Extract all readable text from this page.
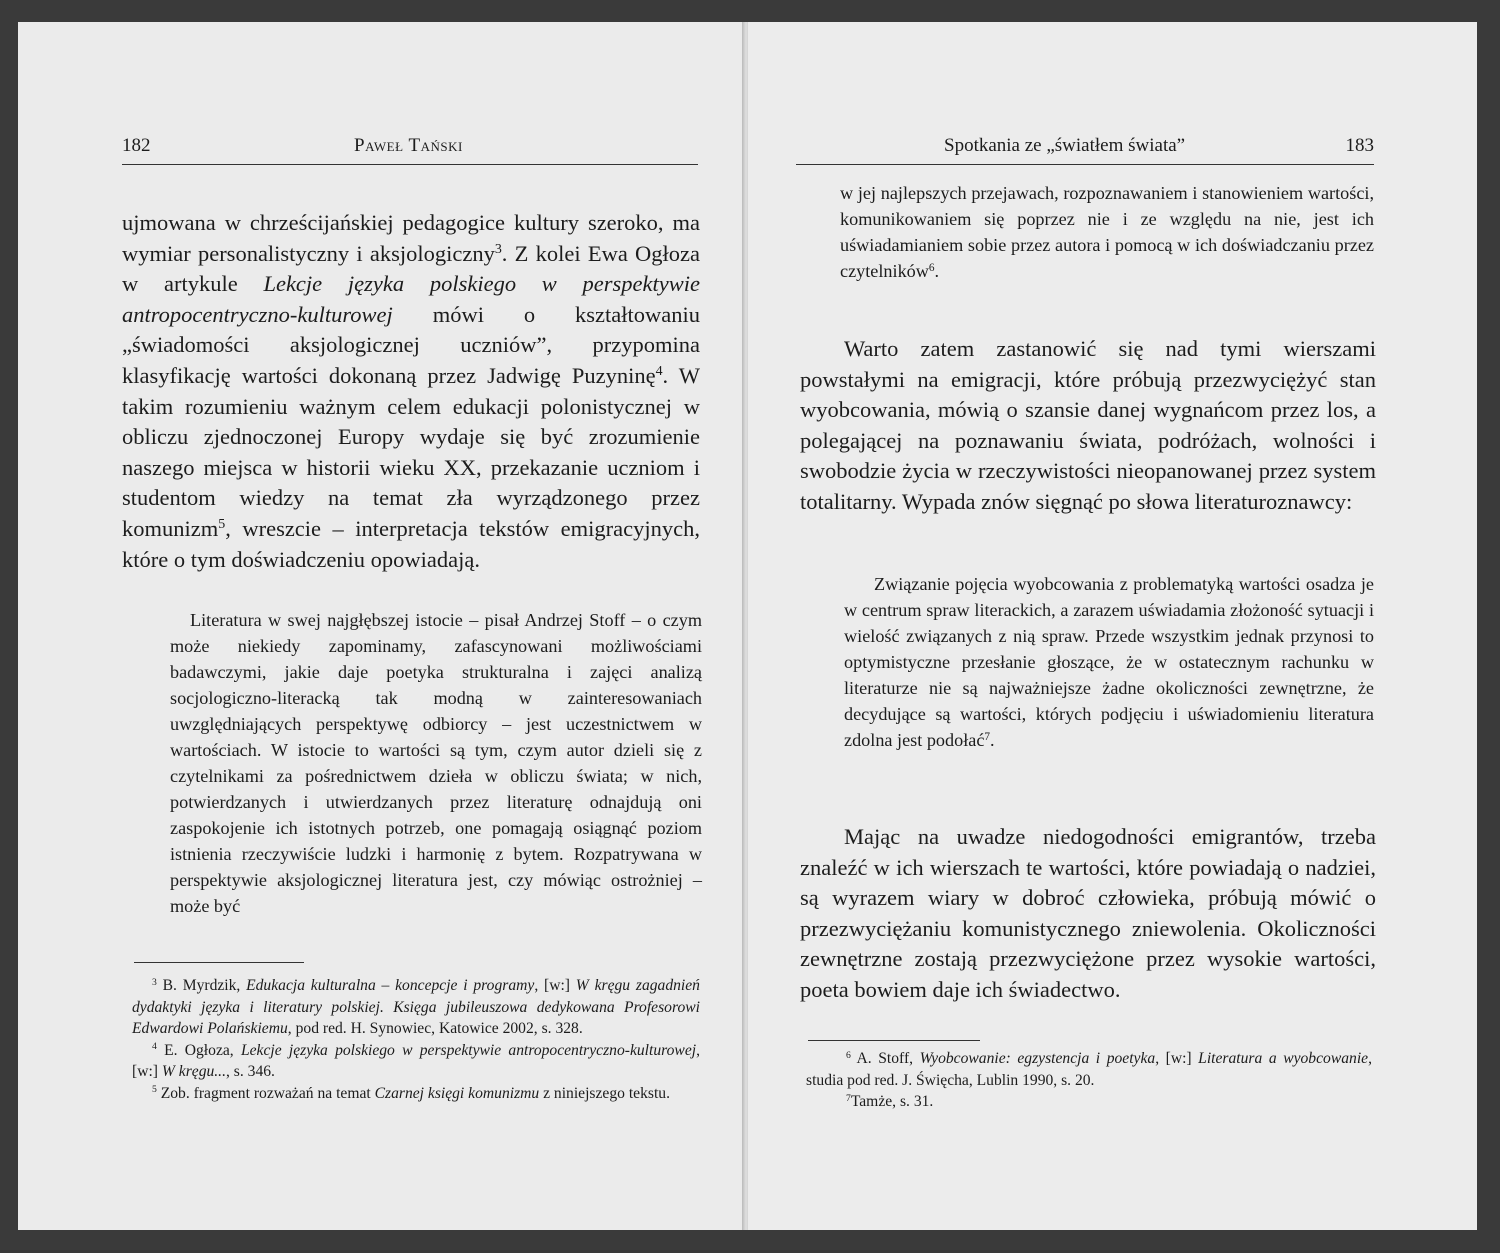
182	Paweł Tański

ujmowana w chrześcijańskiej pedagogice kultury szeroko, ma wymiar personalistyczny i aksjologiczny$^3$. Z kolei Ewa Ogłoza w artykule Lekcje języka polskiego w perspektywie antropocentryczno-kulturowej mówi o kształtowaniu „świadomości aksjologicznej uczniów”, przypomina klasyfikację wartości dokonaną przez Jadwigę Puzyninę$^4$. W takim rozumieniu ważnym celem edukacji polonistycznej w obliczu zjednoczonej Europy wydaje się być zrozumienie naszego miejsca w historii wieku XX, przekazanie uczniom i studentom wiedzy na temat zła wyrządzonego przez komunizm$^5$, wreszcie – interpretacja tekstów emigracyjnych, które o tym doświadczeniu opowiadają.

Literatura w swej najgłębszej istocie – pisał Andrzej Stoff – o czym może niekiedy zapominamy, zafascynowani możliwościami badawczymi, jakie daje poetyka strukturalna i zajęci analizą socjologiczno-literacką tak modną w zainteresowaniach uwzględniających perspektywę odbiorcy – jest uczestnictwem w wartościach. W istocie to wartości są tym, czym autor dzieli się z czytelnikami za pośrednictwem dzieła w obliczu świata; w nich, potwierdzanych i utwierdzanych przez literaturę odnajdują oni zaspokojenie ich istotnych potrzeb, one pomagają osiągnąć poziom istnienia rzeczywiście ludzki i harmonię z bytem. Rozpatrywana w perspektywie aksjologicznej literatura jest, czy mówiąc ostrożniej – może być

$^3$ B. Myrdzik, Edukacja kulturalna – koncepcje i programy, [w:] W kręgu zagadnień dydaktyki języka i literatury polskiej. Księga jubileuszowa dedykowana Profesorowi Edwardowi Polańskiemu, pod red. H. Synowiec, Katowice 2002, s. 328.

$^4$ E. Ogłoza, Lekcje języka polskiego w perspektywie antropocentryczno-kulturowej, [w:] W kręgu..., s. 346.

$^5$ Zob. fragment rozważań na temat Czarnej księgi komunizmu z niniejszego tekstu.

Spotkania ze „światłem świata”	183

w jej najlepszych przejawach, rozpoznawaniem i stanowieniem wartości, komunikowaniem się poprzez nie i ze względu na nie, jest ich uświadamianiem sobie przez autora i pomocą w ich doświadczaniu przez czytelników$^6$.

Warto zatem zastanowić się nad tymi wierszami powstałymi na emigracji, które próbują przezwyciężyć stan wyobcowania, mówią o szansie danej wygnańcom przez los, a polegającej na poznawaniu świata, podróżach, wolności i swobodzie życia w rzeczywistości nieopanowanej przez system totalitarny. Wypada znów sięgnąć po słowa literaturoznawcy:

Związanie pojęcia wyobcowania z problematyką wartości osadza je w centrum spraw literackich, a zarazem uświadamia złożoność sytuacji i wielość związanych z nią spraw. Przede wszystkim jednak przynosi to optymistyczne przesłanie głoszące, że w ostatecznym rachunku w literaturze nie są najważniejsze żadne okoliczności zewnętrzne, że decydujące są wartości, których podjęciu i uświadomieniu literatura zdolna jest podołać$^7$.

Mając na uwadze niedogodności emigrantów, trzeba znaleźć w ich wierszach te wartości, które powiadają o nadziei, są wyrazem wiary w dobroć człowieka, próbują mówić o przezwyciężaniu komunistycznego zniewolenia. Okoliczności zewnętrzne zostają przezwyciężone przez wysokie wartości, poeta bowiem daje ich świadectwo.

$^6$ A. Stoff, Wyobcowanie: egzystencja i poetyka, [w:] Literatura a wyobcowanie, studia pod red. J. Święcha, Lublin 1990, s. 20.

$^7$Tamże, s. 31.
